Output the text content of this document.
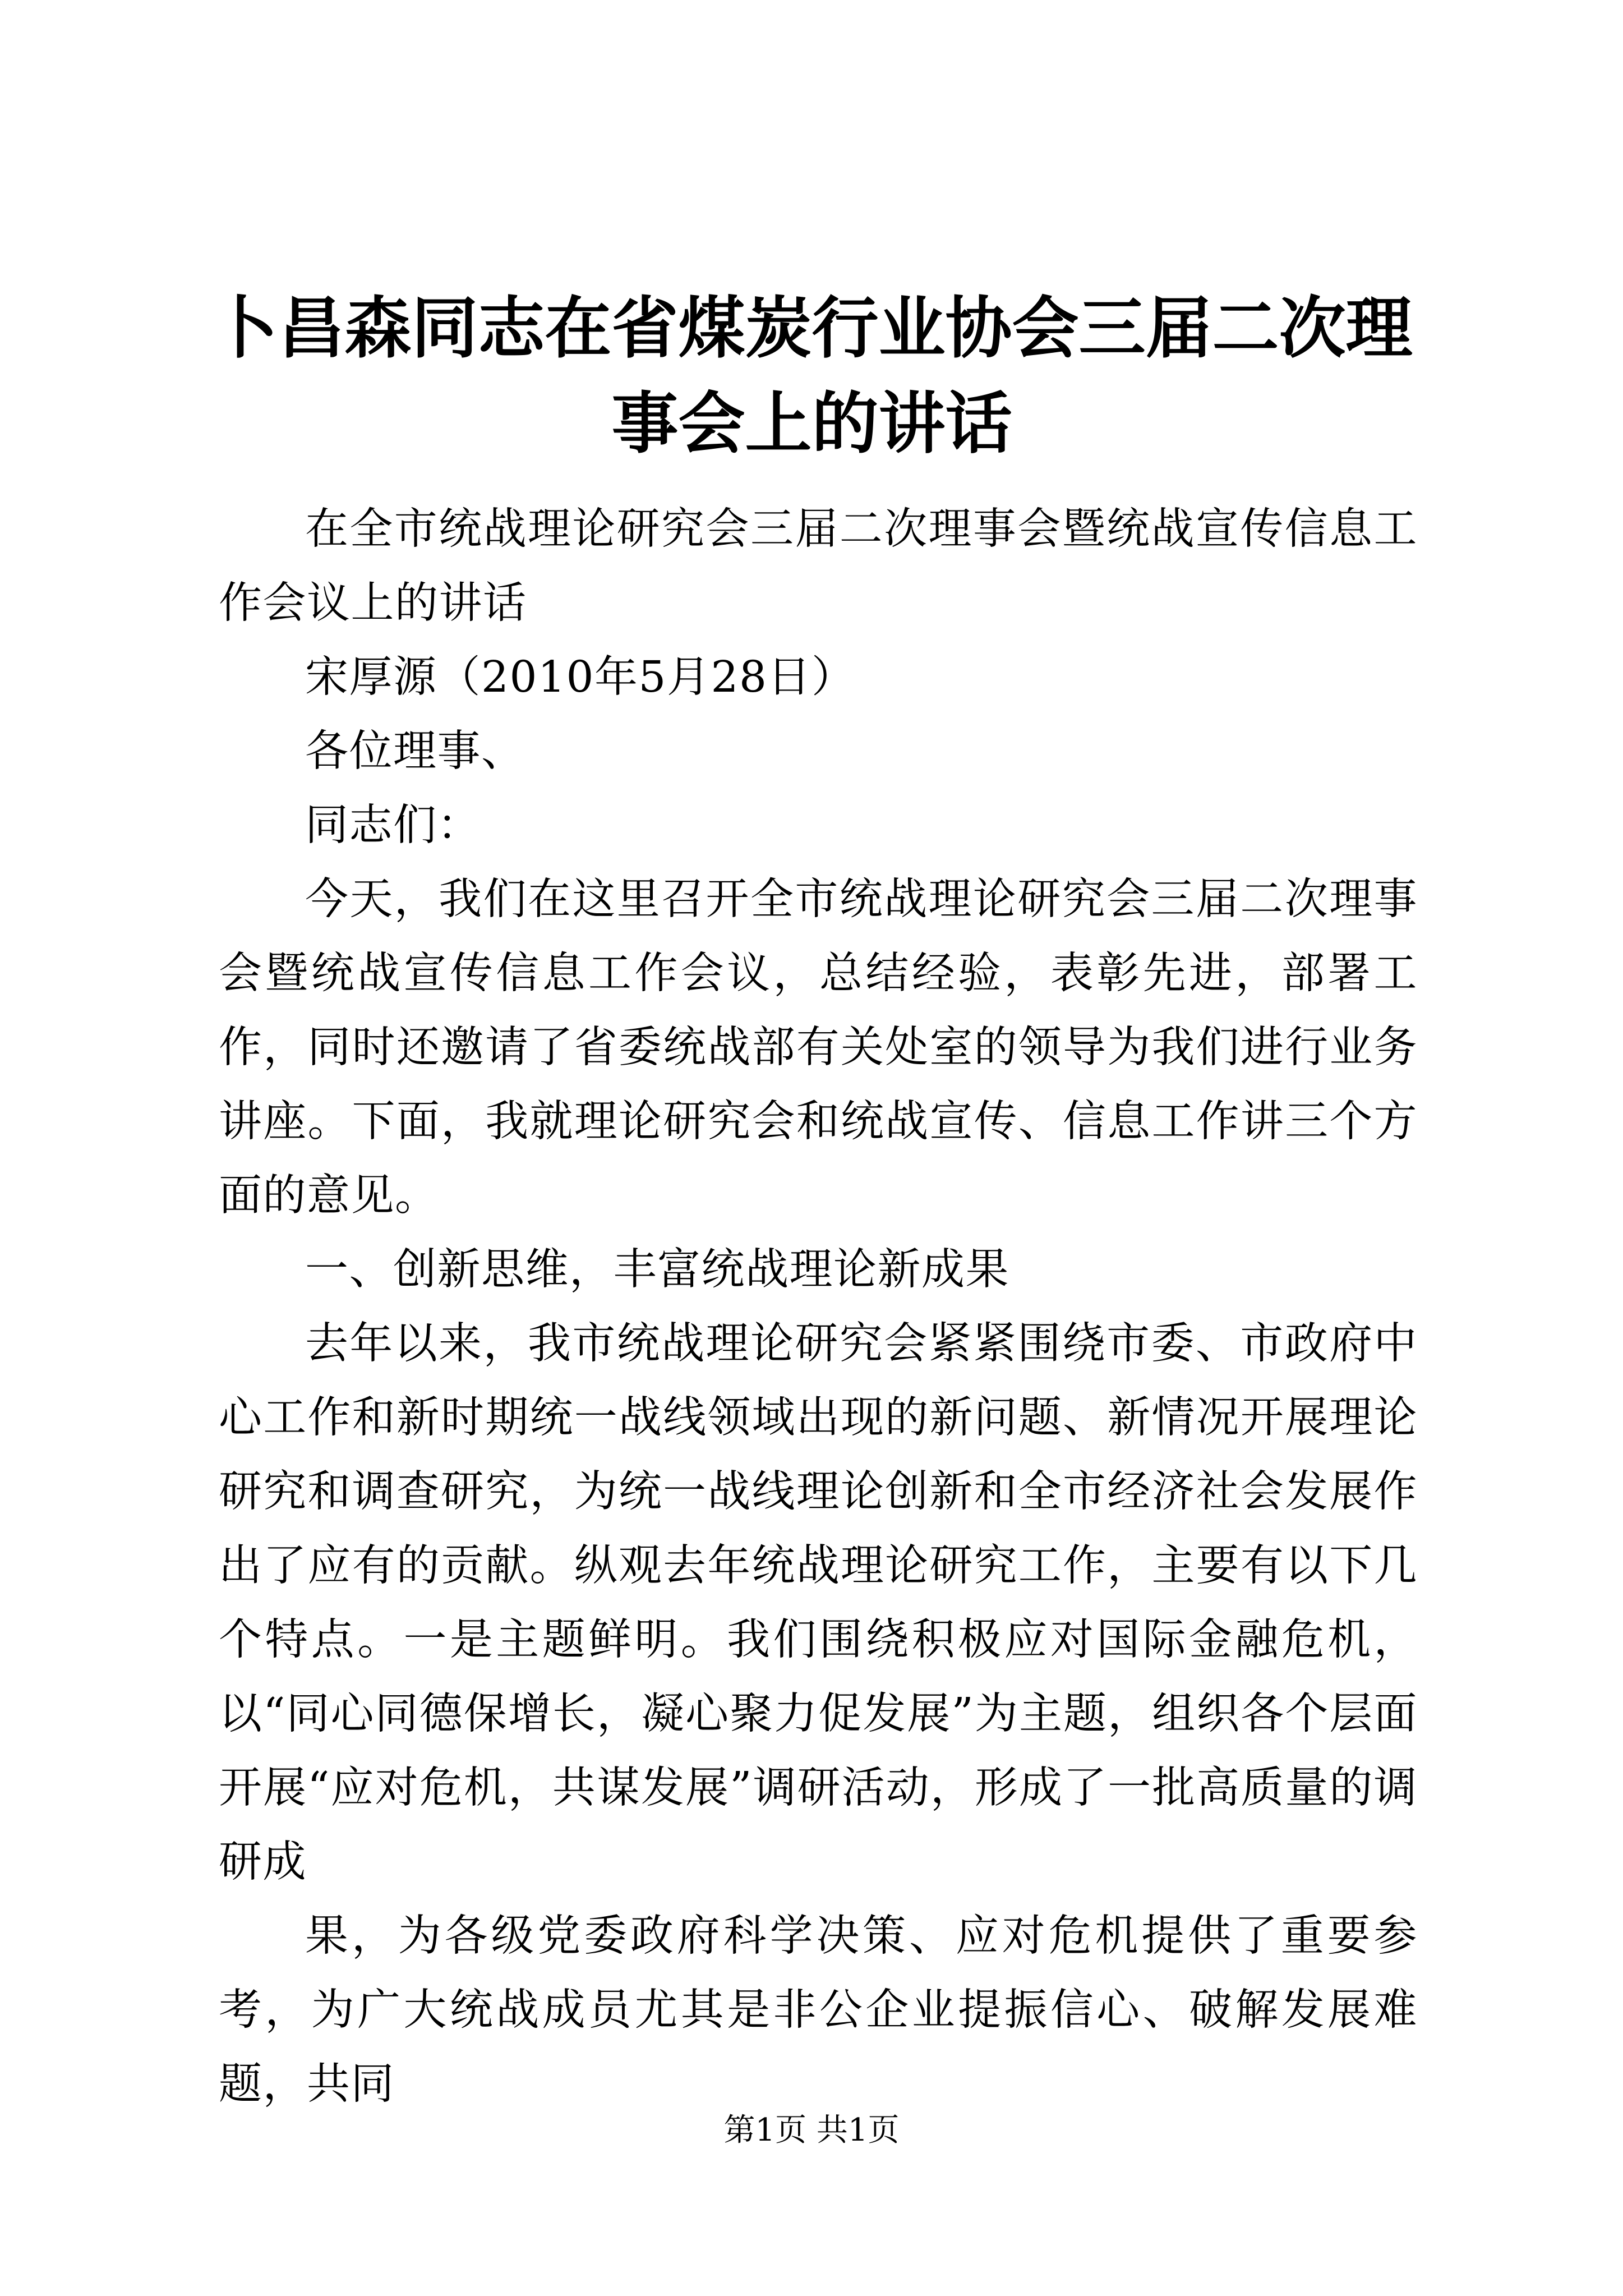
卜昌森同志在省煤炭行业协会三届二次理事会上的讲话

在全市统战理论研究会三届二次理事会暨统战宣传信息工作会议上的讲话

宋厚源（2010年5月28日）

各位理事、

同志们：

今天，我们在这里召开全市统战理论研究会三届二次理事会暨统战宣传信息工作会议，总结经验，表彰先进，部署工作，同时还邀请了省委统战部有关处室的领导为我们进行业务讲座。下面，我就理论研究会和统战宣传、信息工作讲三个方面的意见。

一、创新思维，丰富统战理论新成果

去年以来，我市统战理论研究会紧紧围绕市委、市政府中心工作和新时期统一战线领域出现的新问题、新情况开展理论研究和调查研究，为统一战线理论创新和全市经济社会发展作出了应有的贡献。纵观去年统战理论研究工作，主要有以下几个特点。一是主题鲜明。我们围绕积极应对国际金融危机，以“同心同德保增长，凝心聚力促发展”为主题，组织各个层面开展“应对危机，共谋发展”调研活动，形成了一批高质量的调研成

果，为各级党委政府科学决策、应对危机提供了重要参考，为广大统战成员尤其是非公企业提振信心、破解发展难题，共同

第1页 共1页
